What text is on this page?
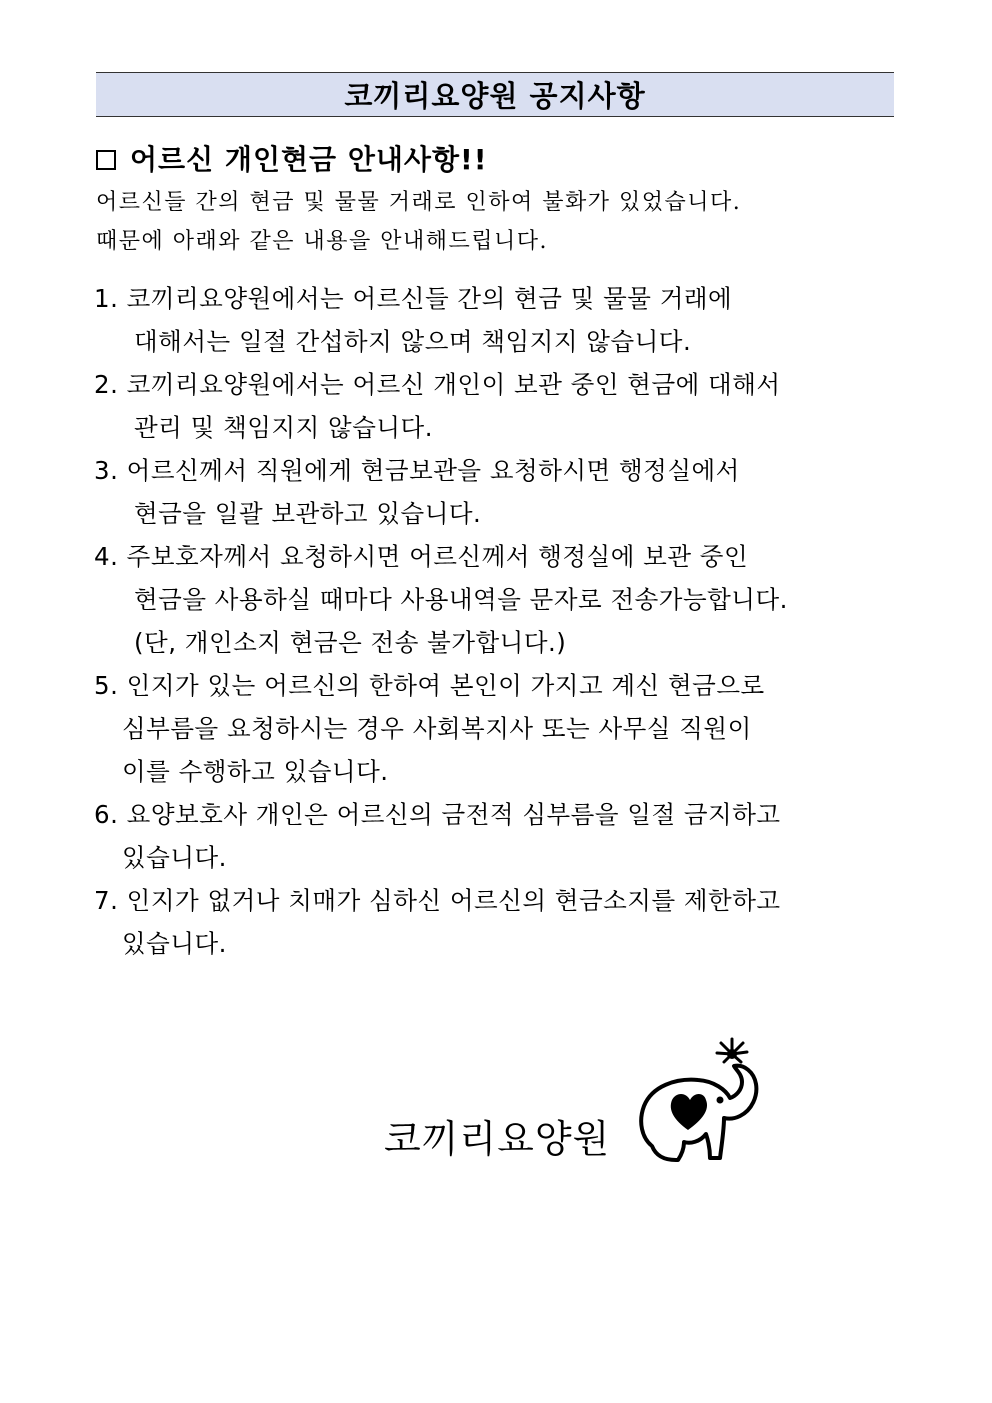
코끼리요양원 공지사항
어르신 개인현금 안내사항!!
어르신들 간의 현금 및 물물 거래로 인하여 불화가 있었습니다.
때문에 아래와 같은 내용을 안내해드립니다.
1. 코끼리요양원에서는 어르신들 간의 현금 및 물물 거래에
대해서는 일절 간섭하지 않으며 책임지지 않습니다.
2. 코끼리요양원에서는 어르신 개인이 보관 중인 현금에 대해서
관리 및 책임지지 않습니다.
3. 어르신께서 직원에게 현금보관을 요청하시면 행정실에서
현금을 일괄 보관하고 있습니다.
4. 주보호자께서 요청하시면 어르신께서 행정실에 보관 중인
현금을 사용하실 때마다 사용내역을 문자로 전송가능합니다.
(단, 개인소지 현금은 전송 불가합니다.)
5. 인지가 있는 어르신의 한하여 본인이 가지고 계신 현금으로
심부름을 요청하시는 경우 사회복지사 또는 사무실 직원이
이를 수행하고 있습니다.
6. 요양보호사 개인은 어르신의 금전적 심부름을 일절 금지하고
있습니다.
7. 인지가 없거나 치매가 심하신 어르신의 현금소지를 제한하고
있습니다.
코끼리요양원
